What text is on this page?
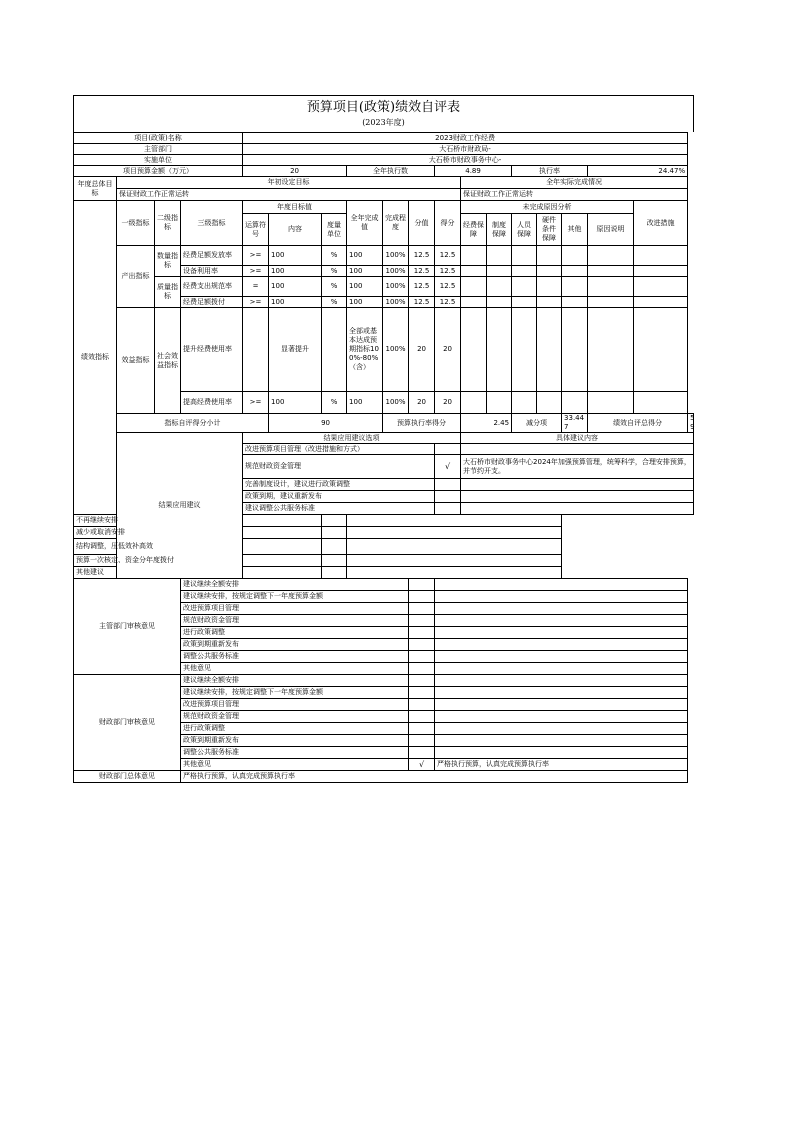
预算项目(政策)绩效自评表
(2023年度)
项目(政策)名称				2023财政工作经费														
主管部门				大石桥市财政局-														
实施单位				大石桥市财政事务中心-														
项目预算金额（万元）				20			全年执行数			4.89			执行率			24.47%		
年度总体目标	年初设定目标										全年实际完成情况							
	保证财政工作正常运转										保证财政工作正常运转							
绩效指标	一级指标	二级指标	三级指标	年度目标值			全年完成值	完成程度	分值	得分	未完成原因分析						改进措施	
				运算符号	内容	度量单位					经费保障	制度保障	人员保障	硬件条件保障	其他	原因说明		
	产出指标	数量指标	经费足额发放率	>=	100	%	100	100%	12.5	12.5								
			设备利用率	>=	100	%	100	100%	12.5	12.5								
		质量指标	经费支出规范率	=	100	%	100	100%	12.5	12.5								
			经费足额拨付	>=	100	%	100	100%	12.5	12.5								
	效益指标	社会效益指标	提升经费使用率		显著提升		全部或基本达成预期指标100%-80%（含）	100%	20	20								
			提高经费使用率	>=	100	%	100	100%	20	20								
	指标自评得分小计				90			预算执行率得分			2.45		减分项		33.447	绩效自评总得分		59
	结果应用建议			结果应用建议选项							具体建议内容							
				改进预算项目管理（改进措施和方式）														
				规范财政资金管理						√	大石桥市财政事务中心2024年加强预算管理，统筹科学，合理安排预算，并节约开支。							
				完善制度设计，建议进行政策调整														
				政策到期，建议重新发布														
				建议调整公共服务标准														
不再继续安排																		
减少或取消安排																		
结构调整，压低效补高效																		
预算一次核定、资金分年度拨付																		
其他建议																		
主管部门审核意见			建议继续全额安排															
			建议继续安排，按规定调整下一年度预算金额															
			改进预算项目管理															
			规范财政资金管理															
			进行政策调整															
			政策到期重新发布															
			调整公共服务标准															
			其他意见															
财政部门审核意见			建议继续全额安排															
			建议继续安排，按规定调整下一年度预算金额															
			改进预算项目管理															
			规范财政资金管理															
			进行政策调整															
			政策到期重新发布															
			调整公共服务标准															
			其他意见						√	严格执行预算，认真完成预算执行率								
财政部门总体意见			严格执行预算，认真完成预算执行率															
